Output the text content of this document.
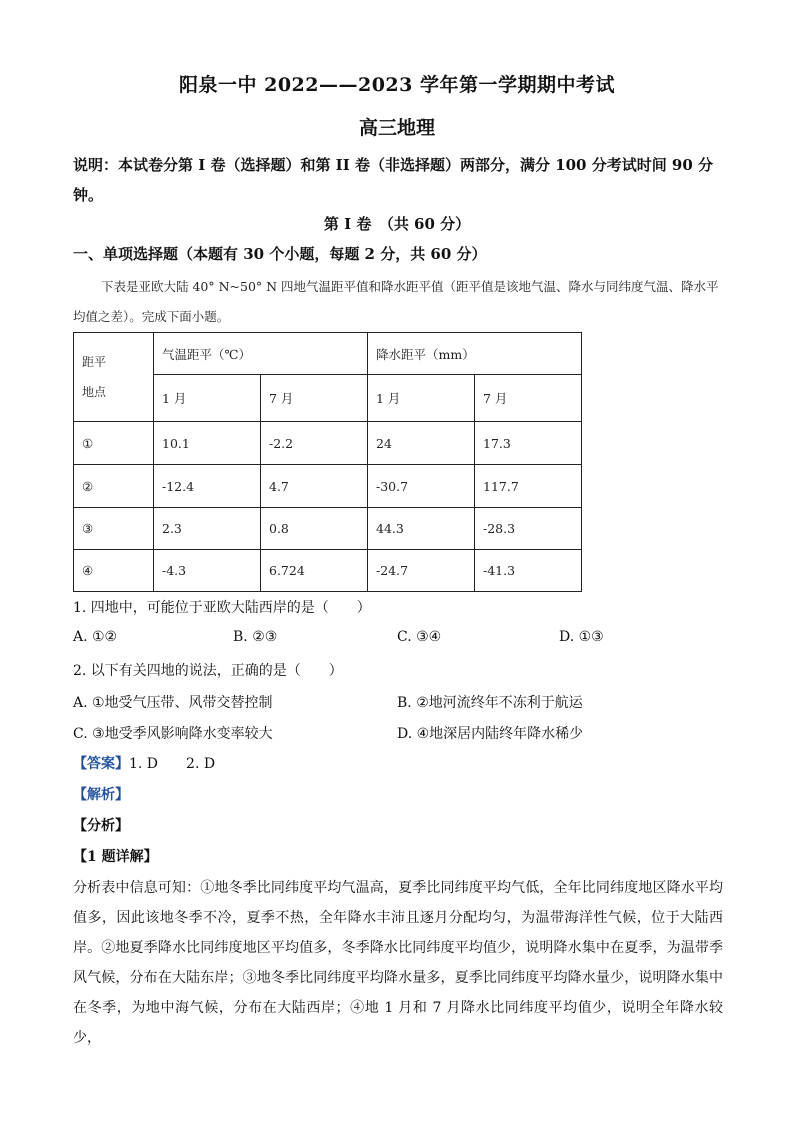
阳泉一中 2022——2023 学年第一学期期中考试
高三地理
说明：本试卷分第 I 卷（选择题）和第 II 卷（非选择题）两部分，满分 100 分考试时间 90 分钟。
第 I 卷　（共 60 分）
一、单项选择题（本题有 30 个小题，每题 2 分，共 60 分）
下表是亚欧大陆 40° N~50° N 四地气温距平值和降水距平值（距平值是该地气温、降水与同纬度气温、降水平均值之差）。完成下面小题。
距平
地点	气温距平（℃）		降水距平（mm）	
	1 月	7 月	1 月	7 月
①	10.1	-2.2	24	17.3
②	-12.4	4.7	-30.7	117.7
③	2.3	0.8	44.3	-28.3
④	-4.3	6.724	-24.7	-41.3
1. 四地中，可能位于亚欧大陆西岸的是（　　）
A. ①②	B. ②③	C. ③④	D. ①③
2. 以下有关四地的说法，正确的是（　　）
A. ①地受气压带、风带交替控制	B. ②地河流终年不冻利于航运
C. ③地受季风影响降水变率较大	D. ④地深居内陆终年降水稀少
【答案】1. D　　2. D
【解析】
【分析】
【1 题详解】
分析表中信息可知：①地冬季比同纬度平均气温高，夏季比同纬度平均气低，全年比同纬度地区降水平均值多，因此该地冬季不冷，夏季不热，全年降水丰沛且逐月分配均匀，为温带海洋性气候，位于大陆西岸。②地夏季降水比同纬度地区平均值多，冬季降水比同纬度平均值少，说明降水集中在夏季，为温带季风气候，分布在大陆东岸；③地冬季比同纬度平均降水量多，夏季比同纬度平均降水量少，说明降水集中在冬季，为地中海气候，分布在大陆西岸；④地 1 月和 7 月降水比同纬度平均值少，说明全年降水较少，
